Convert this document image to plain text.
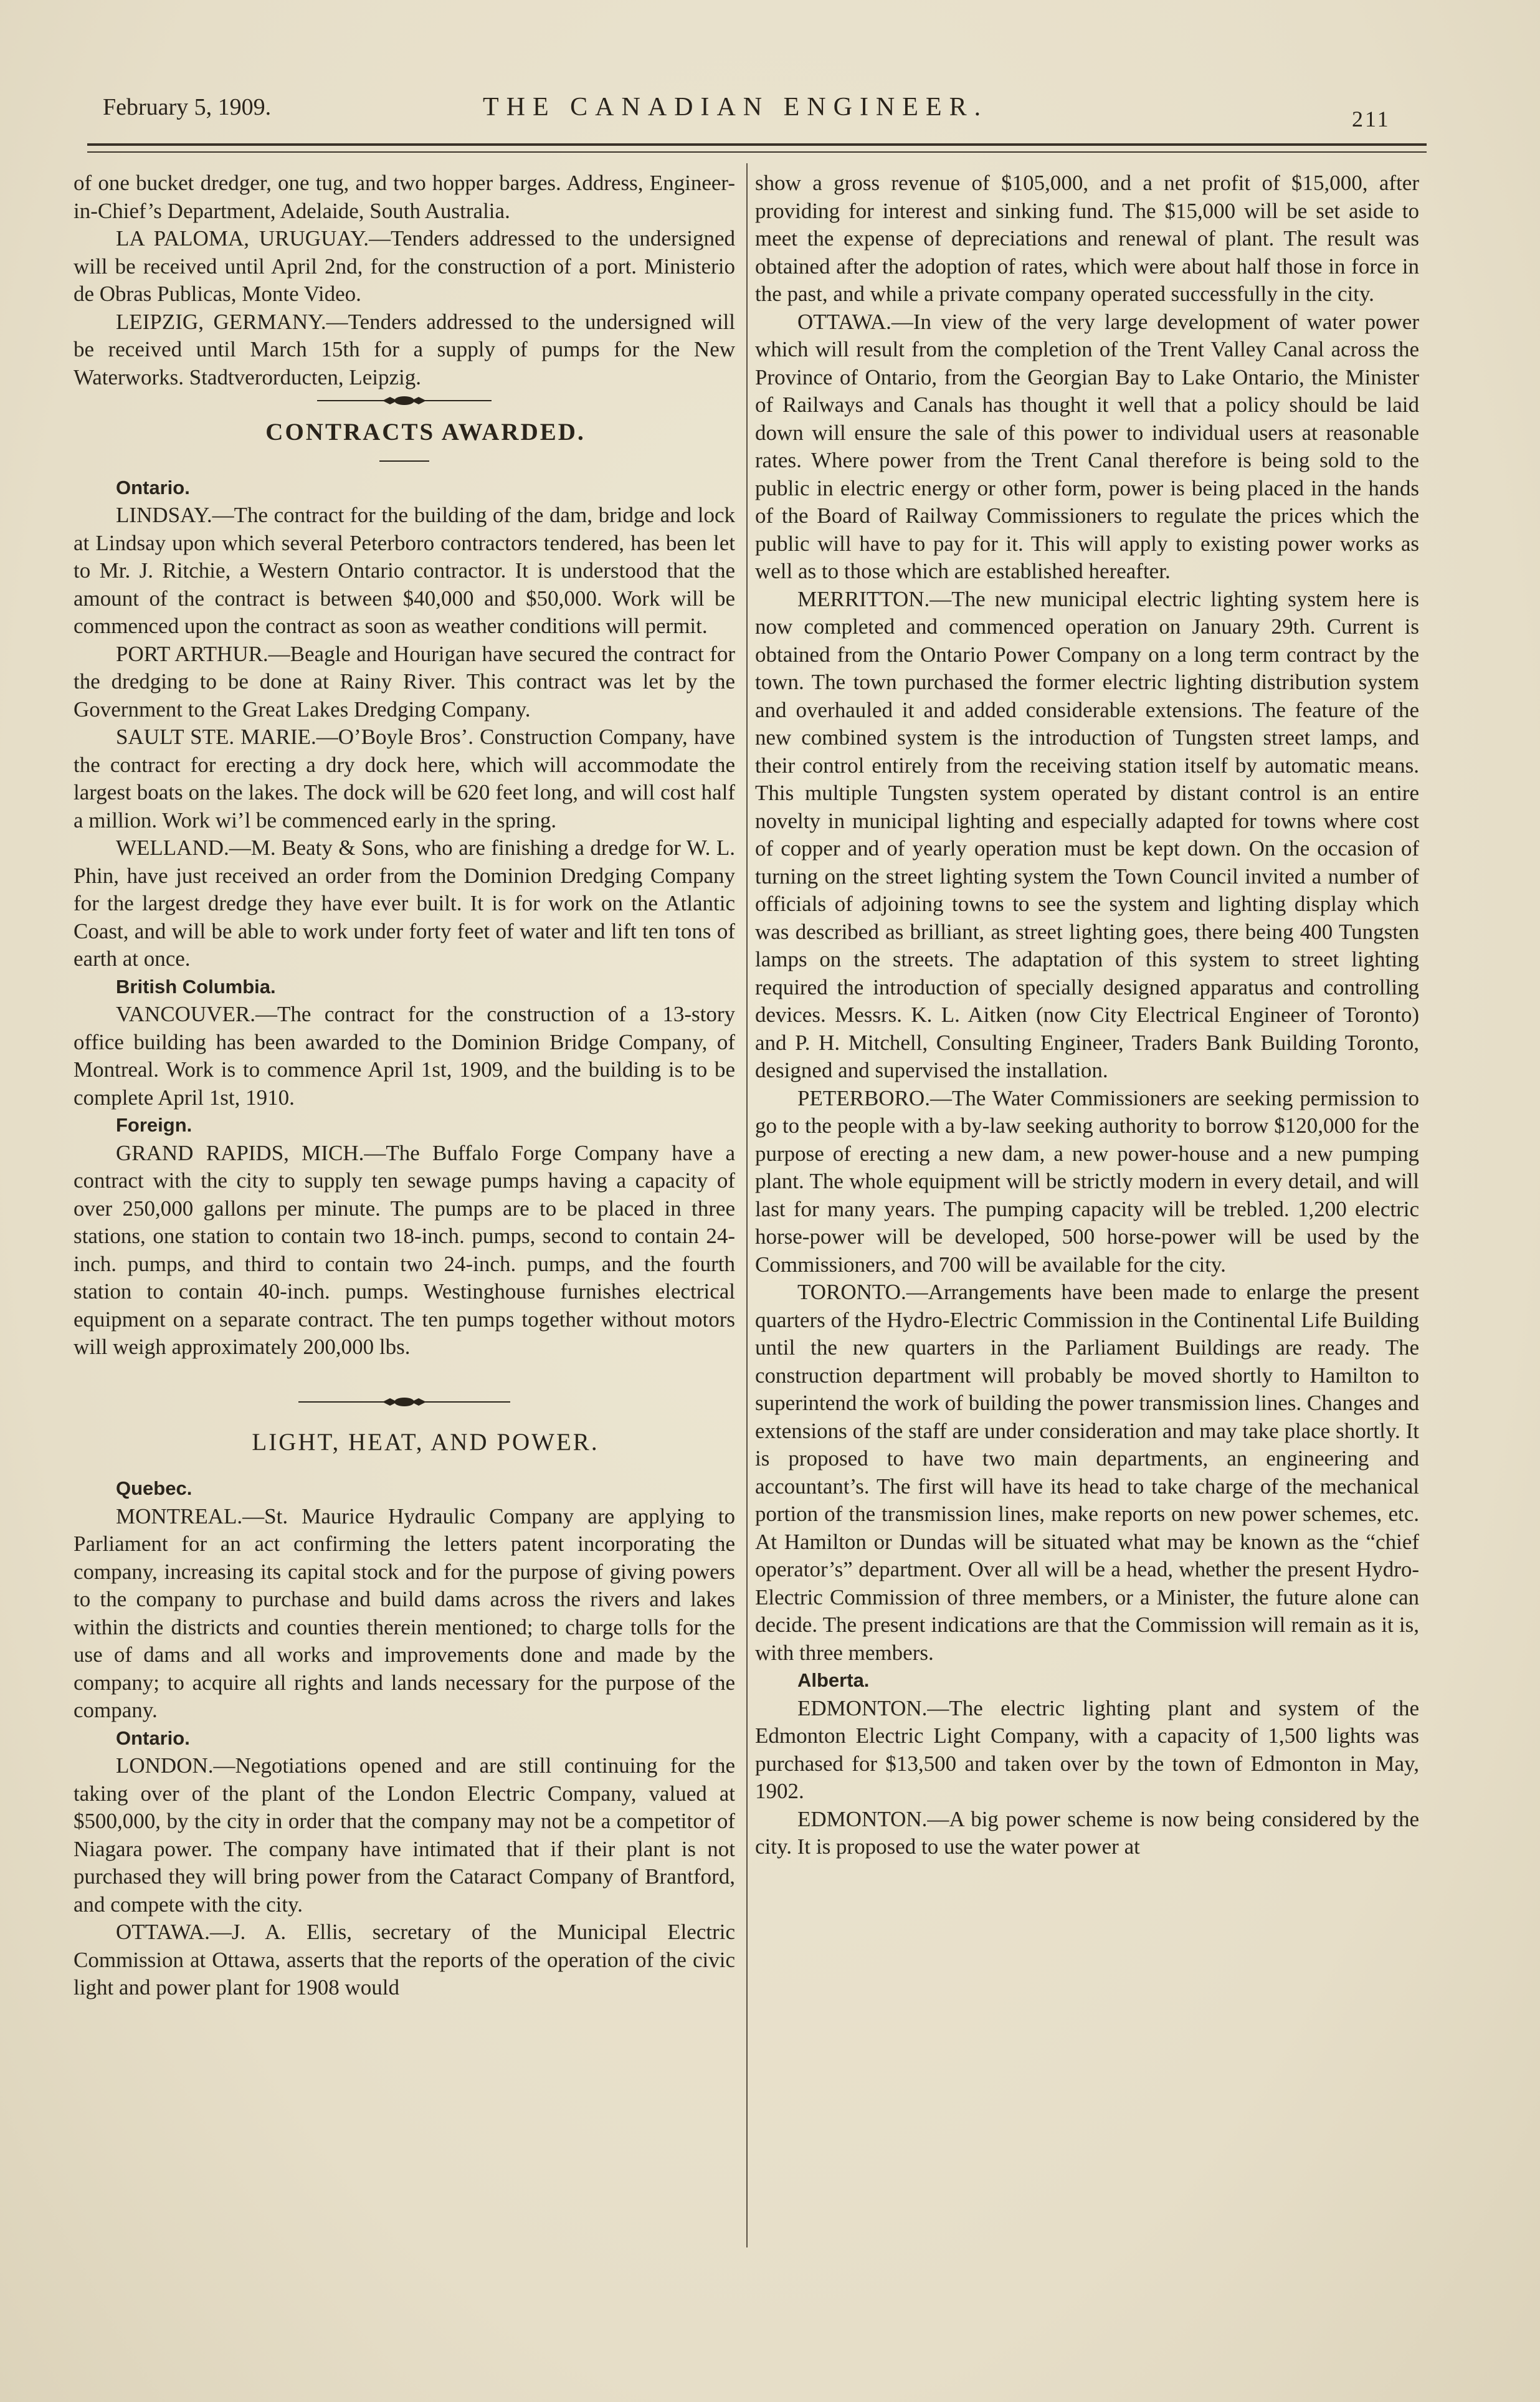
February 5, 1909.	THE CANADIAN ENGINEER.	211

of one bucket dredger, one tug, and two hopper barges. Address, Engineer-in-Chief’s Department, Adelaide, South Australia.

LA PALOMA, URUGUAY.—Tenders addressed to the undersigned will be received until April 2nd, for the construction of a port. Ministerio de Obras Publicas, Monte Video.

LEIPZIG, GERMANY.—Tenders addressed to the undersigned will be received until March 15th for a supply of pumps for the New Waterworks. Stadtverorducten, Leipzig.

CONTRACTS AWARDED.

Ontario.

LINDSAY.—The contract for the building of the dam, bridge and lock at Lindsay upon which several Peterboro contractors tendered, has been let to Mr. J. Ritchie, a Western Ontario contractor. It is understood that the amount of the contract is between $40,000 and $50,000. Work will be commenced upon the contract as soon as weather conditions will permit.

PORT ARTHUR.—Beagle and Hourigan have secured the contract for the dredging to be done at Rainy River. This contract was let by the Government to the Great Lakes Dredging Company.

SAULT STE. MARIE.—O’Boyle Bros’. Construction Company, have the contract for erecting a dry dock here, which will accommodate the largest boats on the lakes. The dock will be 620 feet long, and will cost half a million. Work wi’l be commenced early in the spring.

WELLAND.—M. Beaty & Sons, who are finishing a dredge for W. L. Phin, have just received an order from the Dominion Dredging Company for the largest dredge they have ever built. It is for work on the Atlantic Coast, and will be able to work under forty feet of water and lift ten tons of earth at once.

British Columbia.

VANCOUVER.—The contract for the construction of a 13-story office building has been awarded to the Dominion Bridge Company, of Montreal. Work is to commence April 1st, 1909, and the building is to be complete April 1st, 1910.

Foreign.

GRAND RAPIDS, MICH.—The Buffalo Forge Company have a contract with the city to supply ten sewage pumps having a capacity of over 250,000 gallons per minute. The pumps are to be placed in three stations, one station to contain two 18-inch. pumps, second to contain 24-inch. pumps, and third to contain two 24-inch. pumps, and the fourth station to contain 40-inch. pumps. Westinghouse furnishes electrical equipment on a separate contract. The ten pumps together without motors will weigh approximately 200,000 lbs.

LIGHT, HEAT, AND POWER.

Quebec.

MONTREAL.—St. Maurice Hydraulic Company are applying to Parliament for an act confirming the letters patent incorporating the company, increasing its capital stock and for the purpose of giving powers to the company to purchase and build dams across the rivers and lakes within the districts and counties therein mentioned; to charge tolls for the use of dams and all works and improvements done and made by the company; to acquire all rights and lands necessary for the purpose of the company.

Ontario.

LONDON.—Negotiations opened and are still continuing for the taking over of the plant of the London Electric Company, valued at $500,000, by the city in order that the company may not be a competitor of Niagara power. The company have intimated that if their plant is not purchased they will bring power from the Cataract Company of Brantford, and compete with the city.

OTTAWA.—J. A. Ellis, secretary of the Municipal Electric Commission at Ottawa, asserts that the reports of the operation of the civic light and power plant for 1908 would

show a gross revenue of $105,000, and a net profit of $15,000, after providing for interest and sinking fund. The $15,000 will be set aside to meet the expense of depreciations and renewal of plant. The result was obtained after the adoption of rates, which were about half those in force in the past, and while a private company operated successfully in the city.

OTTAWA.—In view of the very large development of water power which will result from the completion of the Trent Valley Canal across the Province of Ontario, from the Georgian Bay to Lake Ontario, the Minister of Railways and Canals has thought it well that a policy should be laid down will ensure the sale of this power to individual users at reasonable rates. Where power from the Trent Canal therefore is being sold to the public in electric energy or other form, power is being placed in the hands of the Board of Railway Commissioners to regulate the prices which the public will have to pay for it. This will apply to existing power works as well as to those which are established hereafter.

MERRITTON.—The new municipal electric lighting system here is now completed and commenced operation on January 29th. Current is obtained from the Ontario Power Company on a long term contract by the town. The town purchased the former electric lighting distribution system and overhauled it and added considerable extensions. The feature of the new combined system is the introduction of Tungsten street lamps, and their control entirely from the receiving station itself by automatic means. This multiple Tungsten system operated by distant control is an entire novelty in municipal lighting and especially adapted for towns where cost of copper and of yearly operation must be kept down. On the occasion of turning on the street lighting system the Town Council invited a number of officials of adjoining towns to see the system and lighting display which was described as brilliant, as street lighting goes, there being 400 Tungsten lamps on the streets. The adaptation of this system to street lighting required the introduction of specially designed apparatus and controlling devices. Messrs. K. L. Aitken (now City Electrical Engineer of Toronto) and P. H. Mitchell, Consulting Engineer, Traders Bank Building Toronto, designed and supervised the installation.

PETERBORO.—The Water Commissioners are seeking permission to go to the people with a by-law seeking authority to borrow $120,000 for the purpose of erecting a new dam, a new power-house and a new pumping plant. The whole equipment will be strictly modern in every detail, and will last for many years. The pumping capacity will be trebled. 1,200 electric horse-power will be developed, 500 horse-power will be used by the Commissioners, and 700 will be available for the city.

TORONTO.—Arrangements have been made to enlarge the present quarters of the Hydro-Electric Commission in the Continental Life Building until the new quarters in the Parliament Buildings are ready. The construction department will probably be moved shortly to Hamilton to superintend the work of building the power transmission lines. Changes and extensions of the staff are under consideration and may take place shortly. It is proposed to have two main departments, an engineering and accountant’s. The first will have its head to take charge of the mechanical portion of the transmission lines, make reports on new power schemes, etc. At Hamilton or Dundas will be situated what may be known as the “chief operator’s” department. Over all will be a head, whether the present Hydro-Electric Commission of three members, or a Minister, the future alone can decide. The present indications are that the Commission will remain as it is, with three members.

Alberta.

EDMONTON.—The electric lighting plant and system of the Edmonton Electric Light Company, with a capacity of 1,500 lights was purchased for $13,500 and taken over by the town of Edmonton in May, 1902.

EDMONTON.—A big power scheme is now being considered by the city. It is proposed to use the water power at
